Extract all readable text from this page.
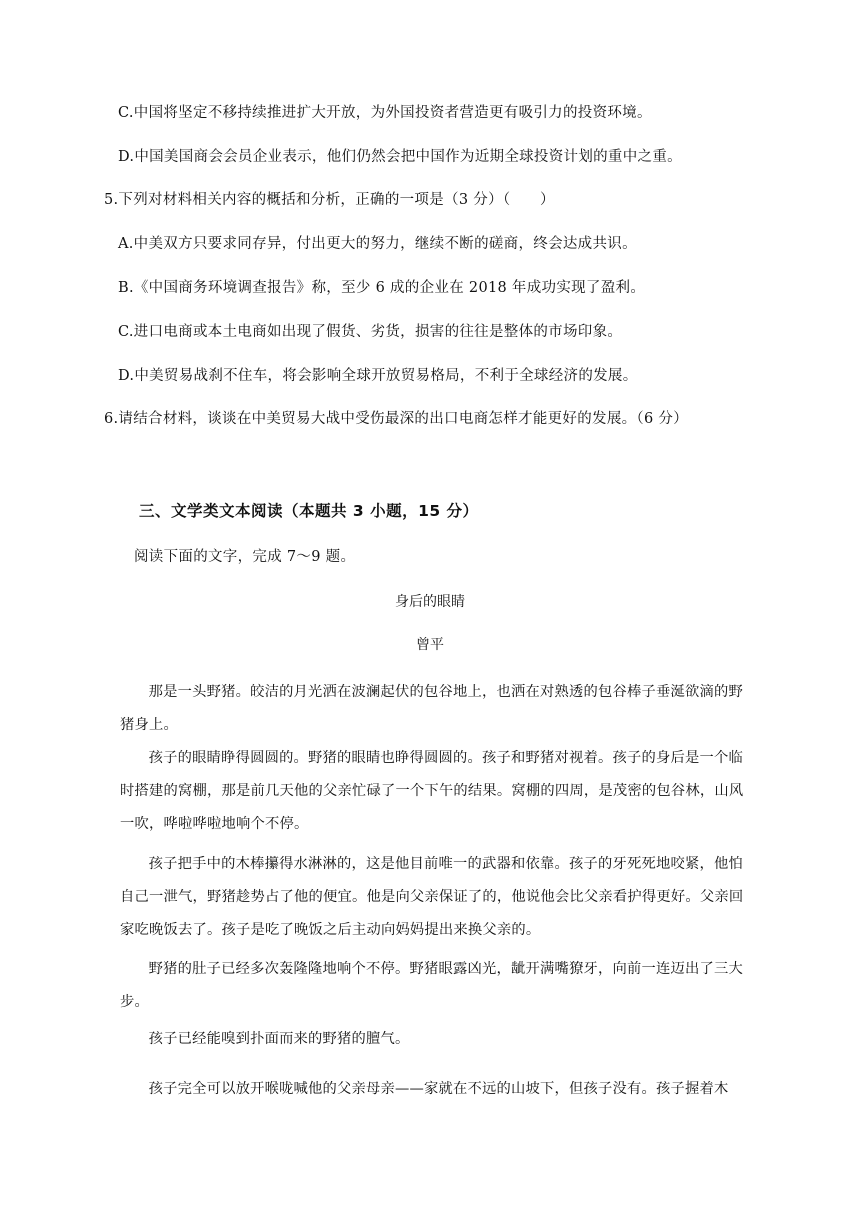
C.中国将坚定不移持续推进扩大开放，为外国投资者营造更有吸引力的投资环境。
D.中国美国商会会员企业表示，他们仍然会把中国作为近期全球投资计划的重中之重。
5.下列对材料相关内容的概括和分析，正确的一项是（3 分）（　　）
A.中美双方只要求同存异，付出更大的努力，继续不断的磋商，终会达成共识。
B.《中国商务环境调查报告》称，至少 6 成的企业在 2018 年成功实现了盈利。
C.进口电商或本土电商如出现了假货、劣货，损害的往往是整体的市场印象。
D.中美贸易战刹不住车，将会影响全球开放贸易格局，不利于全球经济的发展。
6.请结合材料，谈谈在中美贸易大战中受伤最深的出口电商怎样才能更好的发展。（6 分）
三、文学类文本阅读（本题共 3 小题，15 分）
阅读下面的文字，完成 7～9 题。
身后的眼睛
曾平
那是一头野猪。皎洁的月光洒在波澜起伏的包谷地上，也洒在对熟透的包谷棒子垂涎欲滴的野
猪身上。
孩子的眼睛睁得圆圆的。野猪的眼睛也睁得圆圆的。孩子和野猪对视着。孩子的身后是一个临
时搭建的窝棚，那是前几天他的父亲忙碌了一个下午的结果。窝棚的四周，是茂密的包谷林，山风
一吹，哗啦哗啦地响个不停。
孩子把手中的木棒攥得水淋淋的，这是他目前唯一的武器和依靠。孩子的牙死死地咬紧，他怕
自己一泄气，野猪趁势占了他的便宜。他是向父亲保证了的，他说他会比父亲看护得更好。父亲回
家吃晚饭去了。孩子是吃了晚饭之后主动向妈妈提出来换父亲的。
野猪的肚子已经多次轰隆隆地响个不停。野猪眼露凶光，龇开满嘴獠牙，向前一连迈出了三大
步。
孩子已经能嗅到扑面而来的野猪的膻气。
孩子完全可以放开喉咙喊他的父亲母亲——家就在不远的山坡下，但孩子没有。孩子握着木
